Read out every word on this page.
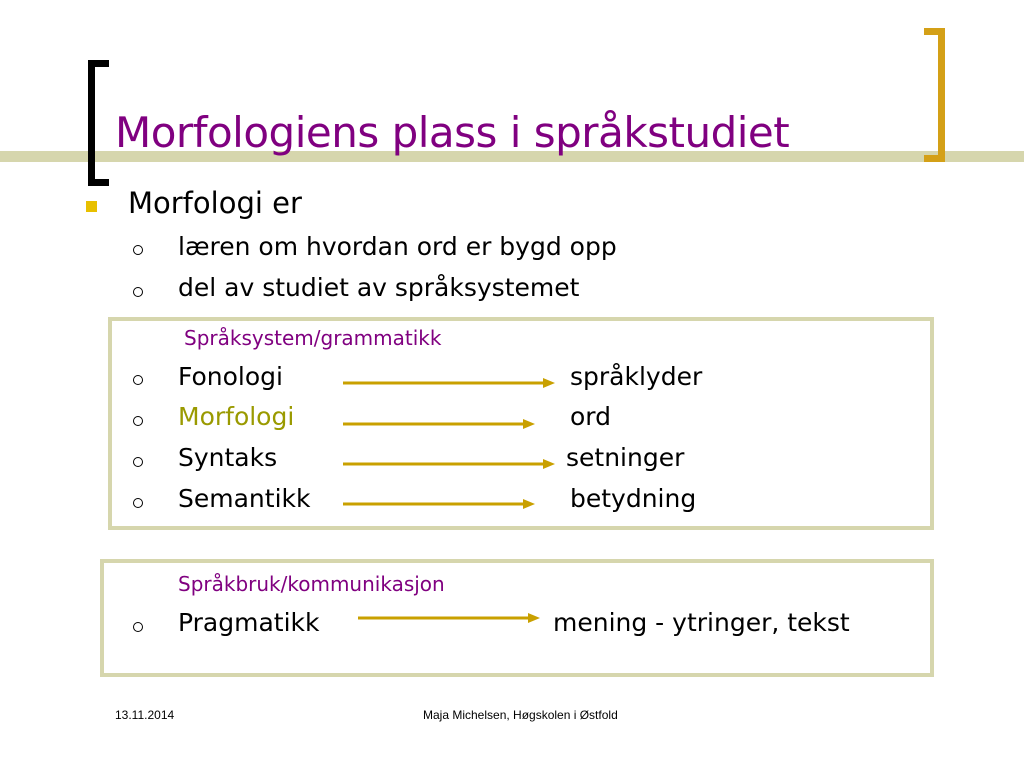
Morfologiens plass i språkstudiet
Morfologi er
læren om hvordan ord er bygd opp
del av studiet av språksystemet
Språksystem/grammatikk
Fonologi	språklyder
Morfologi	ord
Syntaks	setninger
Semantikk	betydning
Språkbruk/kommunikasjon
Pragmatikk	mening - ytringer, tekst
13.11.2014	Maja Michelsen, Høgskolen i Østfold
